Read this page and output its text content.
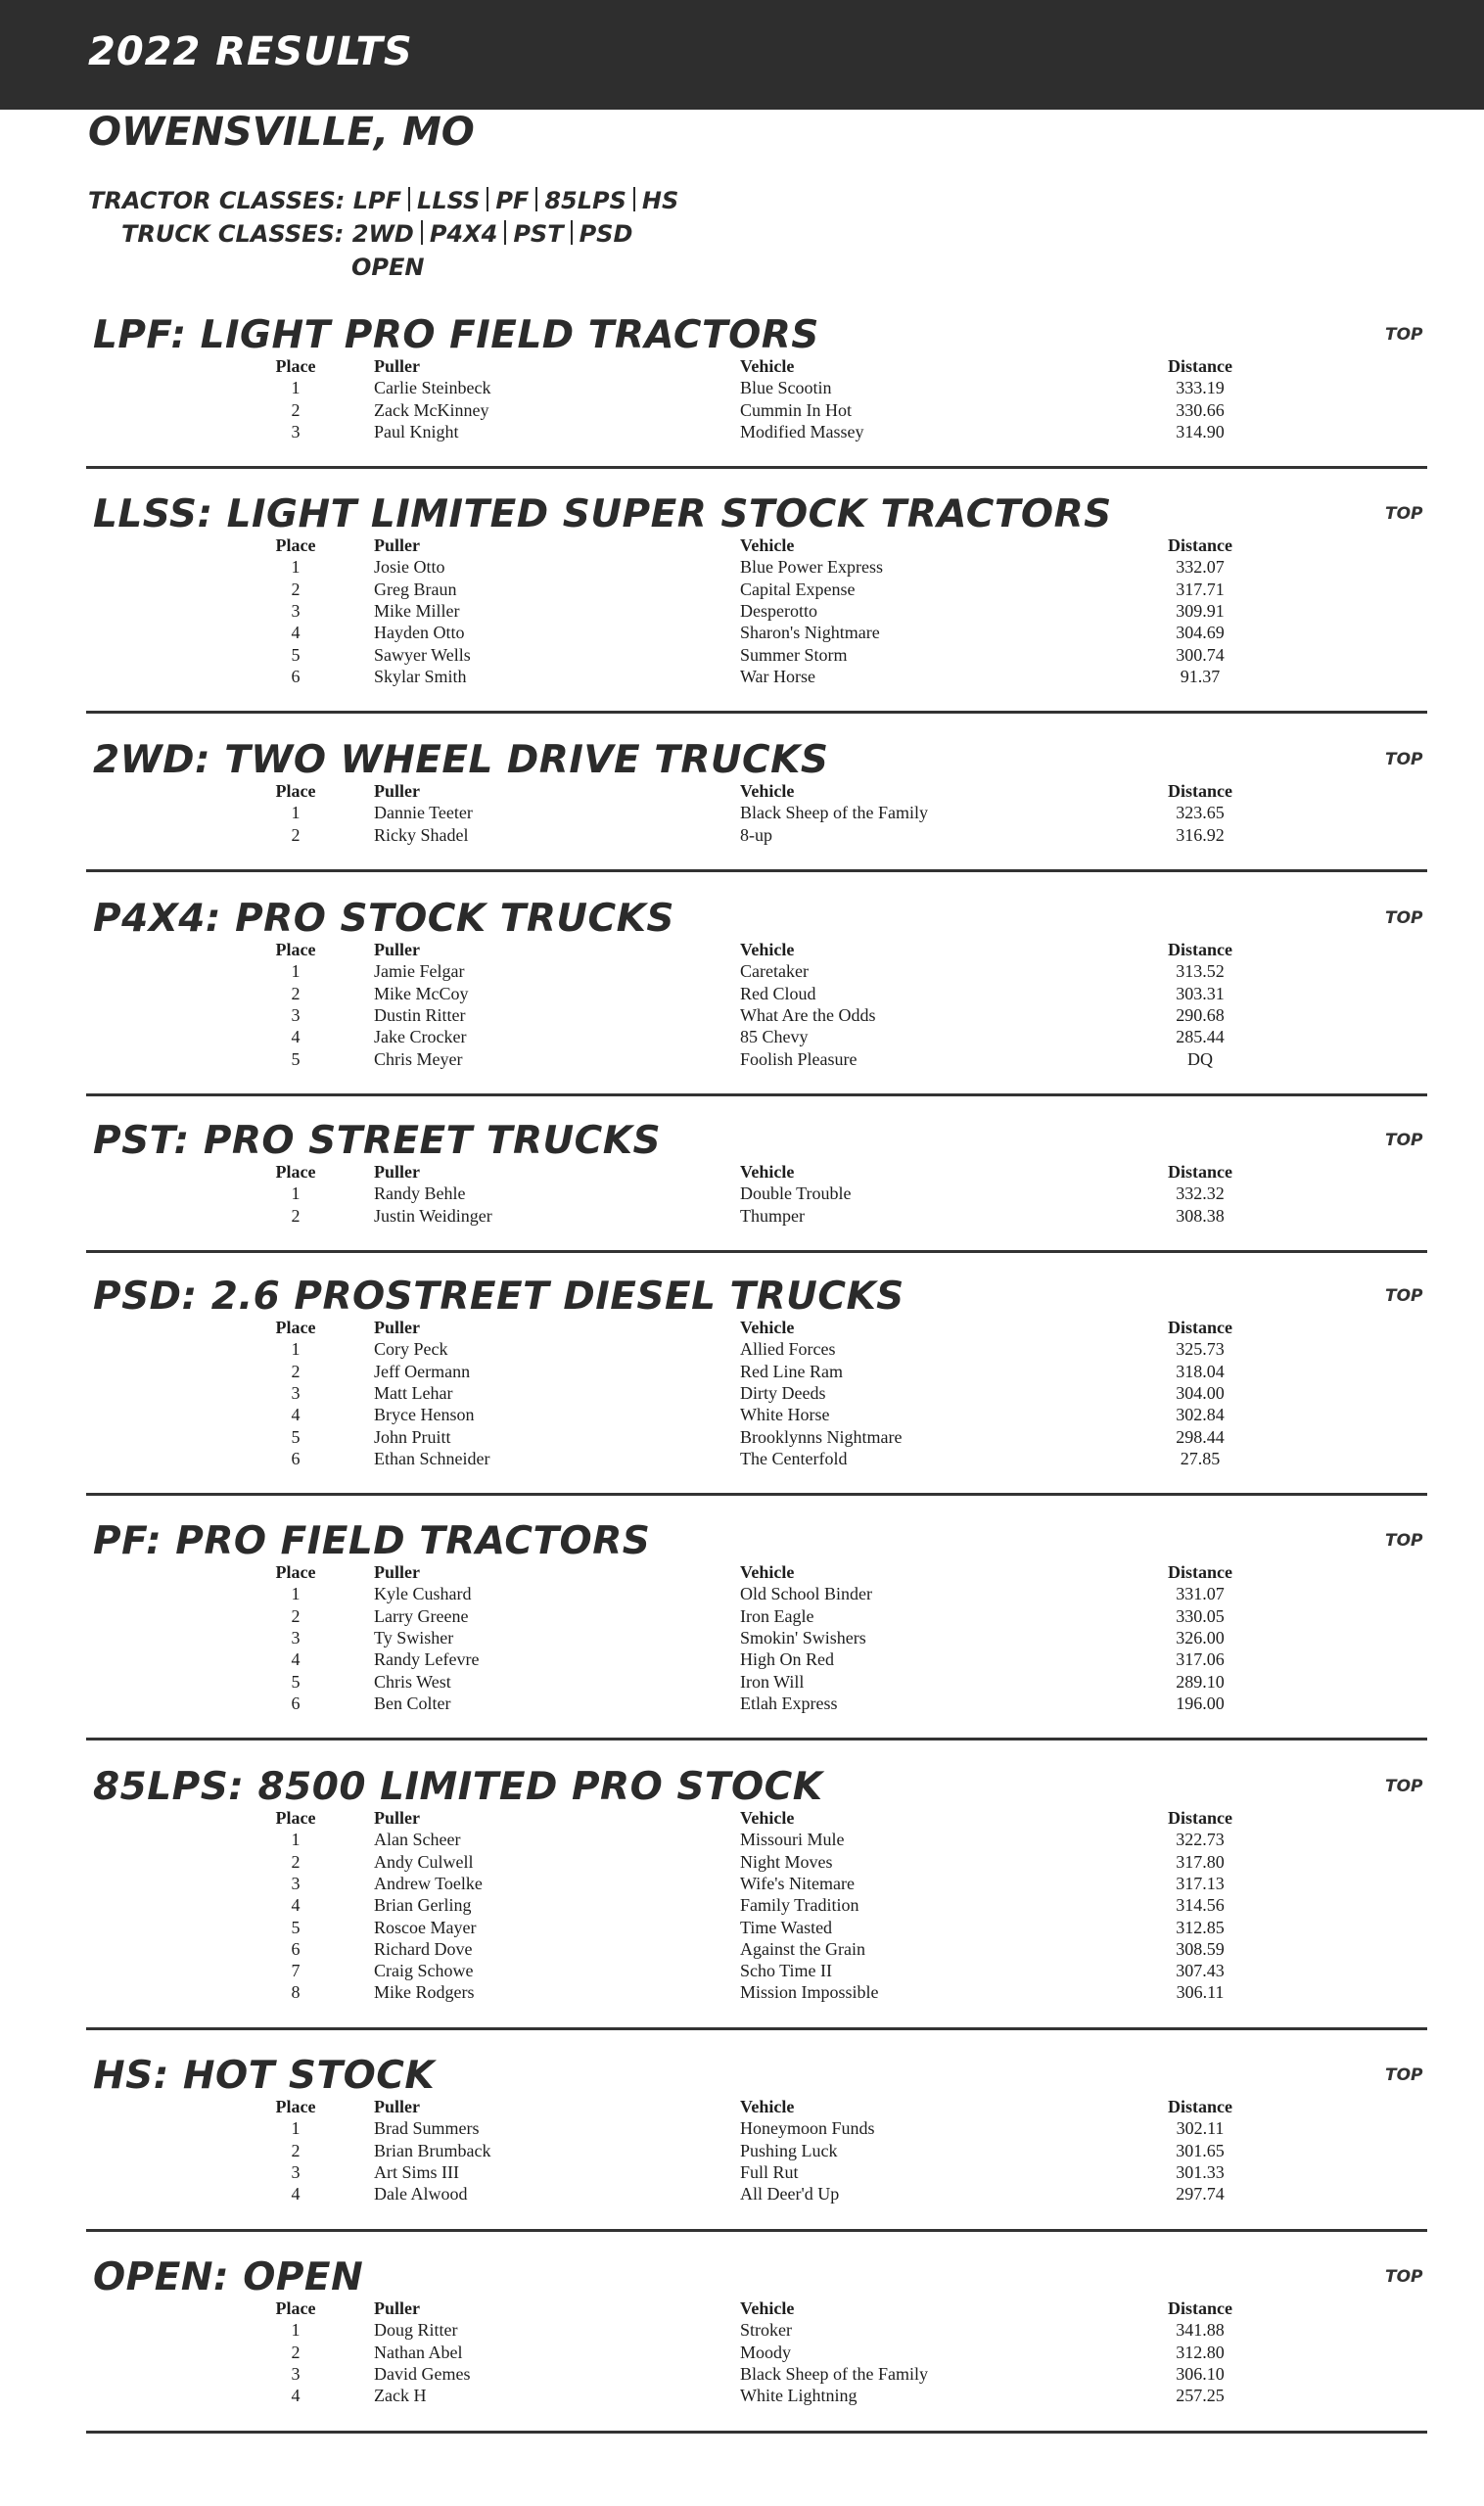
2022 RESULTS
OWENSVILLE, MO
TRACTOR CLASSES: LPF LLSS PF 85LPS HS
TRUCK CLASSES: 2WD P4X4 PST PSD
OPEN
LPF: LIGHT PRO FIELD TRACTORS	TOP
Place	Puller	Vehicle	Distance
1	Carlie Steinbeck	Blue Scootin	333.19
2	Zack McKinney	Cummin In Hot	330.66
3	Paul Knight	Modified Massey	314.90
LLSS: LIGHT LIMITED SUPER STOCK TRACTORS	TOP
Place	Puller	Vehicle	Distance
1	Josie Otto	Blue Power Express	332.07
2	Greg Braun	Capital Expense	317.71
3	Mike Miller	Desperotto	309.91
4	Hayden Otto	Sharon's Nightmare	304.69
5	Sawyer Wells	Summer Storm	300.74
6	Skylar Smith	War Horse	91.37
2WD: TWO WHEEL DRIVE TRUCKS	TOP
Place	Puller	Vehicle	Distance
1	Dannie Teeter	Black Sheep of the Family	323.65
2	Ricky Shadel	8-up	316.92
P4X4: PRO STOCK TRUCKS	TOP
Place	Puller	Vehicle	Distance
1	Jamie Felgar	Caretaker	313.52
2	Mike McCoy	Red Cloud	303.31
3	Dustin Ritter	What Are the Odds	290.68
4	Jake Crocker	85 Chevy	285.44
5	Chris Meyer	Foolish Pleasure	DQ
PST: PRO STREET TRUCKS	TOP
Place	Puller	Vehicle	Distance
1	Randy Behle	Double Trouble	332.32
2	Justin Weidinger	Thumper	308.38
PSD: 2.6 PROSTREET DIESEL TRUCKS	TOP
Place	Puller	Vehicle	Distance
1	Cory Peck	Allied Forces	325.73
2	Jeff Oermann	Red Line Ram	318.04
3	Matt Lehar	Dirty Deeds	304.00
4	Bryce Henson	White Horse	302.84
5	John Pruitt	Brooklynns Nightmare	298.44
6	Ethan Schneider	The Centerfold	27.85
PF: PRO FIELD TRACTORS	TOP
Place	Puller	Vehicle	Distance
1	Kyle Cushard	Old School Binder	331.07
2	Larry Greene	Iron Eagle	330.05
3	Ty Swisher	Smokin' Swishers	326.00
4	Randy Lefevre	High On Red	317.06
5	Chris West	Iron Will	289.10
6	Ben Colter	Etlah Express	196.00
85LPS: 8500 LIMITED PRO STOCK	TOP
Place	Puller	Vehicle	Distance
1	Alan Scheer	Missouri Mule	322.73
2	Andy Culwell	Night Moves	317.80
3	Andrew Toelke	Wife's Nitemare	317.13
4	Brian Gerling	Family Tradition	314.56
5	Roscoe Mayer	Time Wasted	312.85
6	Richard Dove	Against the Grain	308.59
7	Craig Schowe	Scho Time II	307.43
8	Mike Rodgers	Mission Impossible	306.11
HS: HOT STOCK	TOP
Place	Puller	Vehicle	Distance
1	Brad Summers	Honeymoon Funds	302.11
2	Brian Brumback	Pushing Luck	301.65
3	Art Sims III	Full Rut	301.33
4	Dale Alwood	All Deer'd Up	297.74
OPEN: OPEN	TOP
Place	Puller	Vehicle	Distance
1	Doug Ritter	Stroker	341.88
2	Nathan Abel	Moody	312.80
3	David Gemes	Black Sheep of the Family	306.10
4	Zack H	White Lightning	257.25
